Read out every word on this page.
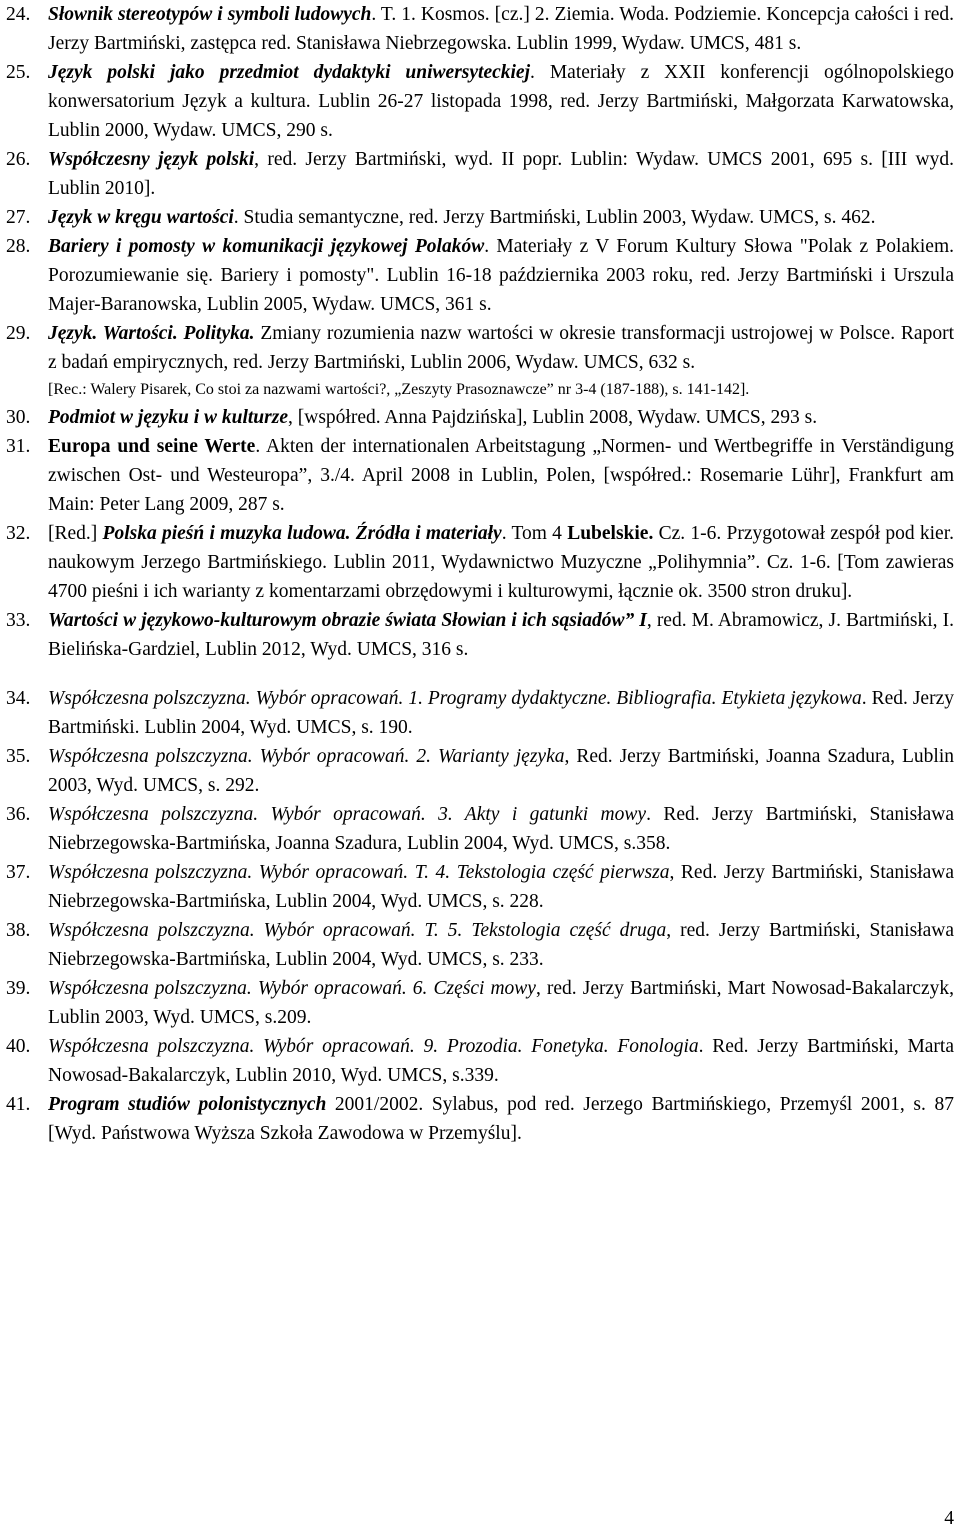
24. Słownik stereotypów i symboli ludowych. T. 1. Kosmos. [cz.] 2. Ziemia. Woda. Podziemie. Koncepcja całości i red. Jerzy Bartmiński, zastępca red. Stanisława Niebrzegowska. Lublin 1999, Wydaw. UMCS, 481 s.
25. Język polski jako przedmiot dydaktyki uniwersyteckiej. Materiały z XXII konferencji ogólnopolskiego konwersatorium Język a kultura. Lublin 26-27 listopada 1998, red. Jerzy Bartmiński, Małgorzata Karwatowska, Lublin 2000, Wydaw. UMCS, 290 s.
26. Współczesny język polski, red. Jerzy Bartmiński, wyd. II popr. Lublin: Wydaw. UMCS 2001, 695 s. [III wyd. Lublin 2010].
27. Język w kręgu wartości. Studia semantyczne, red. Jerzy Bartmiński, Lublin 2003, Wydaw. UMCS, s. 462.
28. Bariery i pomosty w komunikacji językowej Polaków. Materiały z V Forum Kultury Słowa "Polak z Polakiem. Porozumiewanie się. Bariery i pomosty". Lublin 16-18 października 2003 roku, red. Jerzy Bartmiński i Urszula Majer-Baranowska, Lublin 2005, Wydaw. UMCS, 361 s.
29. Język. Wartości. Polityka. Zmiany rozumienia nazw wartości w okresie transformacji ustrojowej w Polsce. Raport z badań empirycznych, red. Jerzy Bartmiński, Lublin 2006, Wydaw. UMCS, 632 s.
[Rec.: Walery Pisarek, Co stoi za nazwami wartości?, „Zeszyty Prasoznawcze” nr 3-4 (187-188), s. 141-142].
30. Podmiot w języku i w kulturze, [współred. Anna Pajdzińska], Lublin 2008, Wydaw. UMCS, 293 s.
31. Europa und seine Werte. Akten der internationalen Arbeitstagung „Normen- und Wertbegriffe in Verständigung zwischen Ost- und Westeuropa”, 3./4. April 2008 in Lublin, Polen, [współred.: Rosemarie Lühr], Frankfurt am Main: Peter Lang 2009, 287 s.
32. [Red.] Polska pieśń i muzyka ludowa. Źródła i materiały. Tom 4 Lubelskie. Cz. 1-6. Przygotował zespół pod kier. naukowym Jerzego Bartmińskiego. Lublin 2011, Wydawnictwo Muzyczne „Polihymnia”. Cz. 1-6. [Tom zawieras 4700 pieśni i ich warianty z komentarzami obrzędowymi i kulturowymi, łącznie ok. 3500 stron druku].
33. Wartości w językowo-kulturowym obrazie świata Słowian i ich sąsiadów” I, red. M. Abramowicz, J. Bartmiński, I. Bielińska-Gardziel, Lublin 2012, Wyd. UMCS, 316 s.
34. Współczesna polszczyzna. Wybór opracowań. 1. Programy dydaktyczne. Bibliografia. Etykieta językowa. Red. Jerzy Bartmiński. Lublin 2004, Wyd. UMCS, s. 190.
35. Współczesna polszczyzna. Wybór opracowań. 2. Warianty języka, Red. Jerzy Bartmiński, Joanna Szadura, Lublin 2003, Wyd. UMCS, s. 292.
36. Współczesna polszczyzna. Wybór opracowań. 3. Akty i gatunki mowy. Red. Jerzy Bartmiński, Stanisława Niebrzegowska-Bartmińska, Joanna Szadura, Lublin 2004, Wyd. UMCS, s.358.
37. Współczesna polszczyzna. Wybór opracowań. T. 4. Tekstologia część pierwsza, Red. Jerzy Bartmiński, Stanisława Niebrzegowska-Bartmińska, Lublin 2004, Wyd. UMCS, s. 228.
38. Współczesna polszczyzna. Wybór opracowań. T. 5. Tekstologia część druga, red. Jerzy Bartmiński, Stanisława Niebrzegowska-Bartmińska, Lublin 2004, Wyd. UMCS, s. 233.
39. Współczesna polszczyzna. Wybór opracowań. 6. Części mowy, red. Jerzy Bartmiński, Mart Nowosad-Bakalarczyk, Lublin 2003, Wyd. UMCS, s.209.
40. Współczesna polszczyzna. Wybór opracowań. 9. Prozodia. Fonetyka. Fonologia. Red. Jerzy Bartmiński, Marta Nowosad-Bakalarczyk, Lublin 2010, Wyd. UMCS, s.339.
41. Program studiów polonistycznych 2001/2002. Sylabus, pod red. Jerzego Bartmińskiego, Przemyśl 2001, s. 87 [Wyd. Państwowa Wyższa Szkoła Zawodowa w Przemyślu].
4
